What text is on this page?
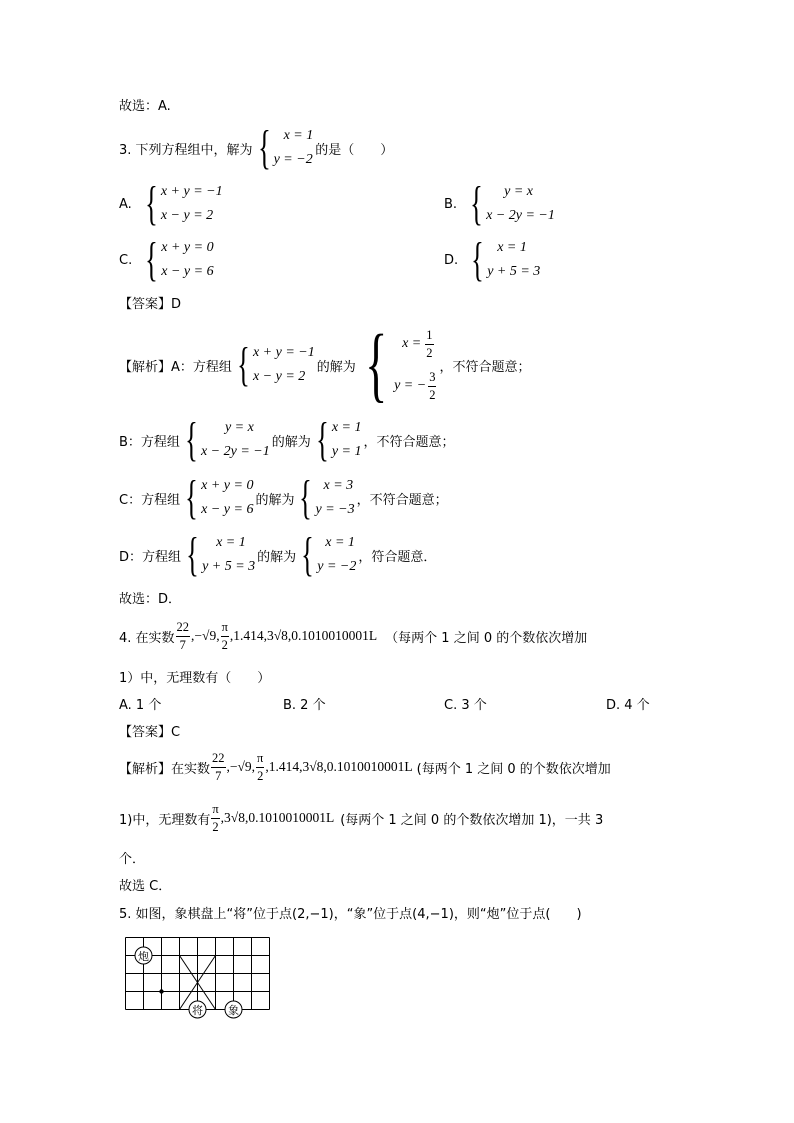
故选：A.
3. 下列方程组中，解为 { x = 1
y = −2
的是（　　）
A. { x + y = −1
x − y = 2
B. {	y = x
x − 2y = −1
C. { x + y = 0
x − y = 6
D. { x = 1
y + 5 = 3
【答案】D
【解析】A：方程组 { x + y = −1
x − y = 2
的解为 { $x = \frac{1}{2}$
y = − $\frac{3}{2}$
，不符合题意；
B：方程组 {	y = x
x − 2y = −1
的解为 { x = 1
y = 1
，不符合题意；
C：方程组 { x + y = 0
x − y = 6
的解为 { x = 3
y = −3
，不符合题意；
D：方程组 {	x = 1
y + 5 = 3
的解为 { x = 1
y = −2
，符合题意．
故选：D．
4. 在实数 $\frac{22}{7} ,-√9$, $\frac{\pi}{2} ,1.414,3√8,0.1010010001L$ （每两个 1 之间 0 的个数依次增加
1）中，无理数有（　　）
A. 1 个	B. 2 个	C. 3 个	D. 4 个
【答案】C
【解析】在实数 $\frac{22}{7} ,-√9$, $\frac{\pi}{2} ,1.414,3√8,0.1010010001L$ (每两个 1 之间 0 的个数依次增加
1)中，无理数有 $\frac{\pi}{2} ,3√8,0.1010010001L$ (每两个 1 之间 0 的个数依次增加 1)，一共 3
个．
故选 C．
5. 如图，象棋盘上“将”位于点(2,−1)，“象”位于点(4,−1)，则“炮”位于点(　　)
炮
将 象
